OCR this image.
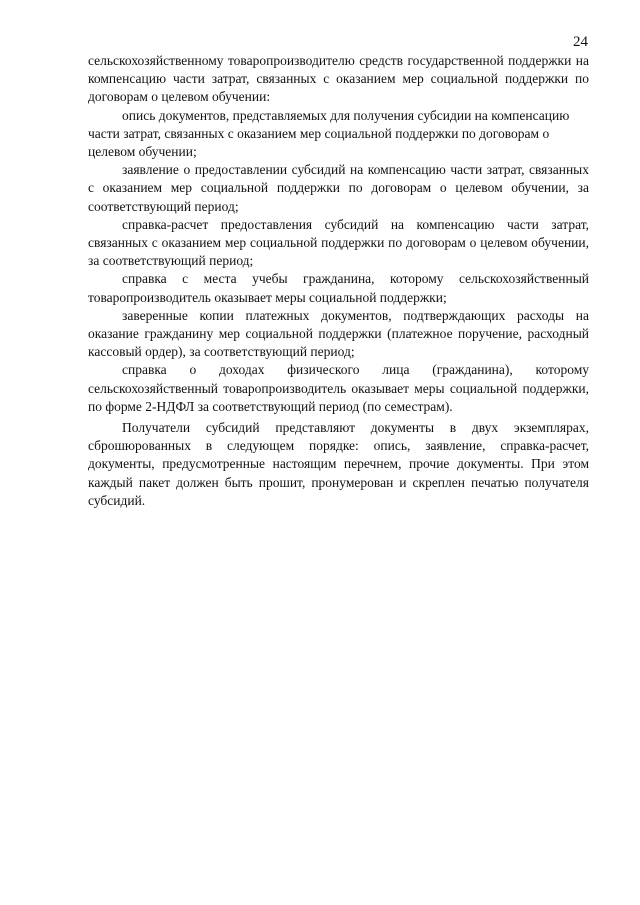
24

сельскохозяйственному товаропроизводителю средств государственной поддержки на компенсацию части затрат, связанных с оказанием мер социальной поддержки по договорам о целевом обучении:

опись документов, представляемых для получения субсидии на компенсацию части затрат, связанных с оказанием мер социальной поддержки по договорам о целевом обучении;

заявление о предоставлении субсидий на компенсацию части затрат, связанных с оказанием мер социальной поддержки по договорам о целевом обучении, за соответствующий период;

справка-расчет предоставления субсидий на компенсацию части затрат, связанных с оказанием мер социальной поддержки по договорам о целевом обучении, за соответствующий период;

справка с места учебы гражданина, которому сельскохозяйственный товаропроизводитель оказывает меры социальной поддержки;

заверенные копии платежных документов, подтверждающих расходы на оказание гражданину мер социальной поддержки (платежное поручение, расходный кассовый ордер), за соответствующий период;

справка о доходах физического лица (гражданина), которому сельскохозяйственный товаропроизводитель оказывает меры социальной поддержки, по форме 2-НДФЛ за соответствующий период (по семестрам).

Получатели субсидий представляют документы в двух экземплярах, сброшюрованных в следующем порядке: опись, заявление, справка-расчет, документы, предусмотренные настоящим перечнем, прочие документы. При этом каждый пакет должен быть прошит, пронумерован и скреплен печатью получателя субсидий.
